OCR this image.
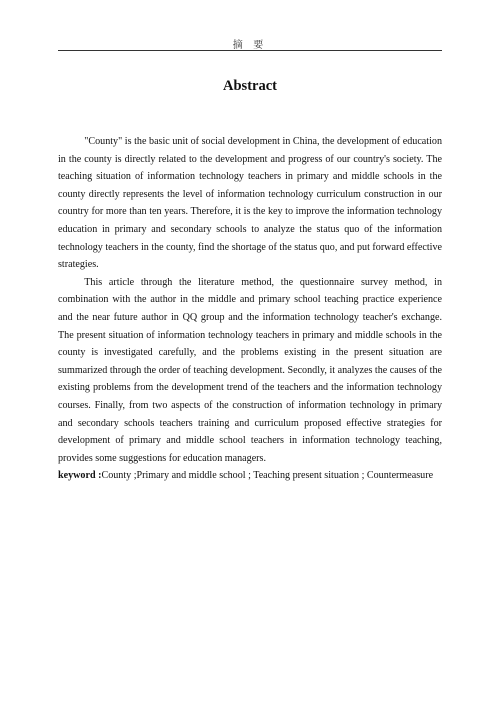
摘 要
Abstract

"County" is the basic unit of social development in China, the development of education in the county is directly related to the development and progress of our country's society. The teaching situation of information technology teachers in primary and middle schools in the county directly represents the level of information technology curriculum construction in our country for more than ten years. Therefore, it is the key to improve the information technology education in primary and secondary schools to analyze the status quo of the information technology teachers in the county, find the shortage of the status quo, and put forward effective strategies.

This article through the literature method, the questionnaire survey method, in combination with the author in the middle and primary school teaching practice experience and the near future author in QQ group and the information technology teacher's exchange. The present situation of information technology teachers in primary and middle schools in the county is investigated carefully, and the problems existing in the present situation are summarized through the order of teaching development. Secondly, it analyzes the causes of the existing problems from the development trend of the teachers and the information technology courses. Finally, from two aspects of the construction of information technology in primary and secondary schools teachers training and curriculum proposed effective strategies for development of primary and middle school teachers in information technology teaching, provides some suggestions for education managers.

keyword :County ;Primary and middle school ; Teaching present situation ; Countermeasure
